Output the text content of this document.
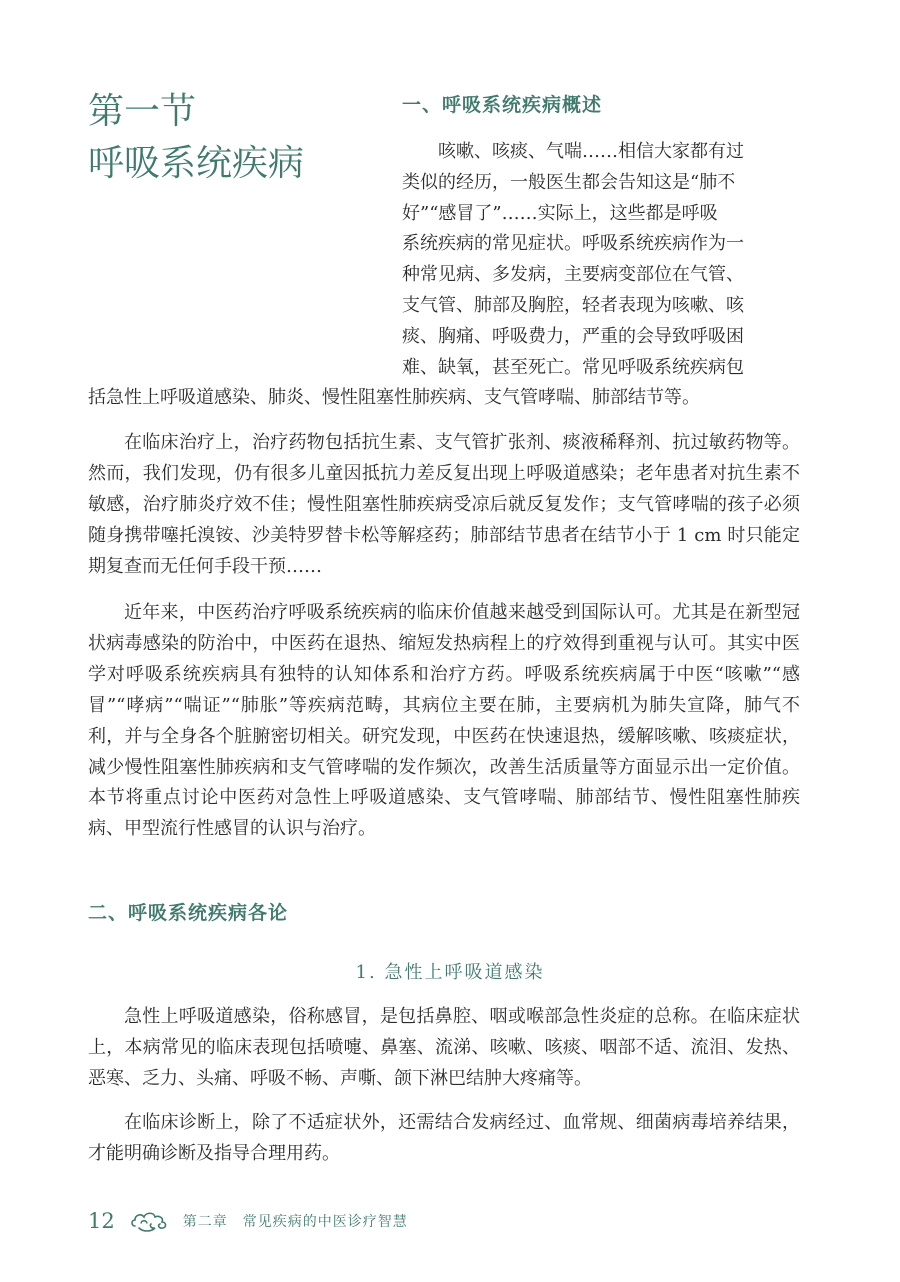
第一节
呼吸系统疾病
一、呼吸系统疾病概述
咳嗽、咳痰、气喘……相信大家都有过
类似的经历，一般医生都会告知这是“肺不
好”“感冒了”……实际上，这些都是呼吸
系统疾病的常见症状。呼吸系统疾病作为一
种常见病、多发病，主要病变部位在气管、
支气管、肺部及胸腔，轻者表现为咳嗽、咳
痰、胸痛、呼吸费力，严重的会导致呼吸困
难、缺氧，甚至死亡。常见呼吸系统疾病包
括急性上呼吸道感染、肺炎、慢性阻塞性肺疾病、支气管哮喘、肺部结节等。

在临床治疗上，治疗药物包括抗生素、支气管扩张剂、痰液稀释剂、抗过敏药物等。然而，我们发现，仍有很多儿童因抵抗力差反复出现上呼吸道感染；老年患者对抗生素不敏感，治疗肺炎疗效不佳；慢性阻塞性肺疾病受凉后就反复发作；支气管哮喘的孩子必须随身携带噻托溴铵、沙美特罗替卡松等解痉药；肺部结节患者在结节小于 1 cm 时只能定期复查而无任何手段干预……

近年来，中医药治疗呼吸系统疾病的临床价值越来越受到国际认可。尤其是在新型冠状病毒感染的防治中，中医药在退热、缩短发热病程上的疗效得到重视与认可。其实中医学对呼吸系统疾病具有独特的认知体系和治疗方药。呼吸系统疾病属于中医“咳嗽”“感冒”“哮病”“喘证”“肺胀”等疾病范畴，其病位主要在肺，主要病机为肺失宣降，肺气不利，并与全身各个脏腑密切相关。研究发现，中医药在快速退热，缓解咳嗽、咳痰症状，减少慢性阻塞性肺疾病和支气管哮喘的发作频次，改善生活质量等方面显示出一定价值。本节将重点讨论中医药对急性上呼吸道感染、支气管哮喘、肺部结节、慢性阻塞性肺疾病、甲型流行性感冒的认识与治疗。

二、呼吸系统疾病各论
1. 急性上呼吸道感染

急性上呼吸道感染，俗称感冒，是包括鼻腔、咽或喉部急性炎症的总称。在临床症状上，本病常见的临床表现包括喷嚏、鼻塞、流涕、咳嗽、咳痰、咽部不适、流泪、发热、恶寒、乏力、头痛、呼吸不畅、声嘶、颌下淋巴结肿大疼痛等。

在临床诊断上，除了不适症状外，还需结合发病经过、血常规、细菌病毒培养结果，才能明确诊断及指导合理用药。

12	第二章　常见疾病的中医诊疗智慧
